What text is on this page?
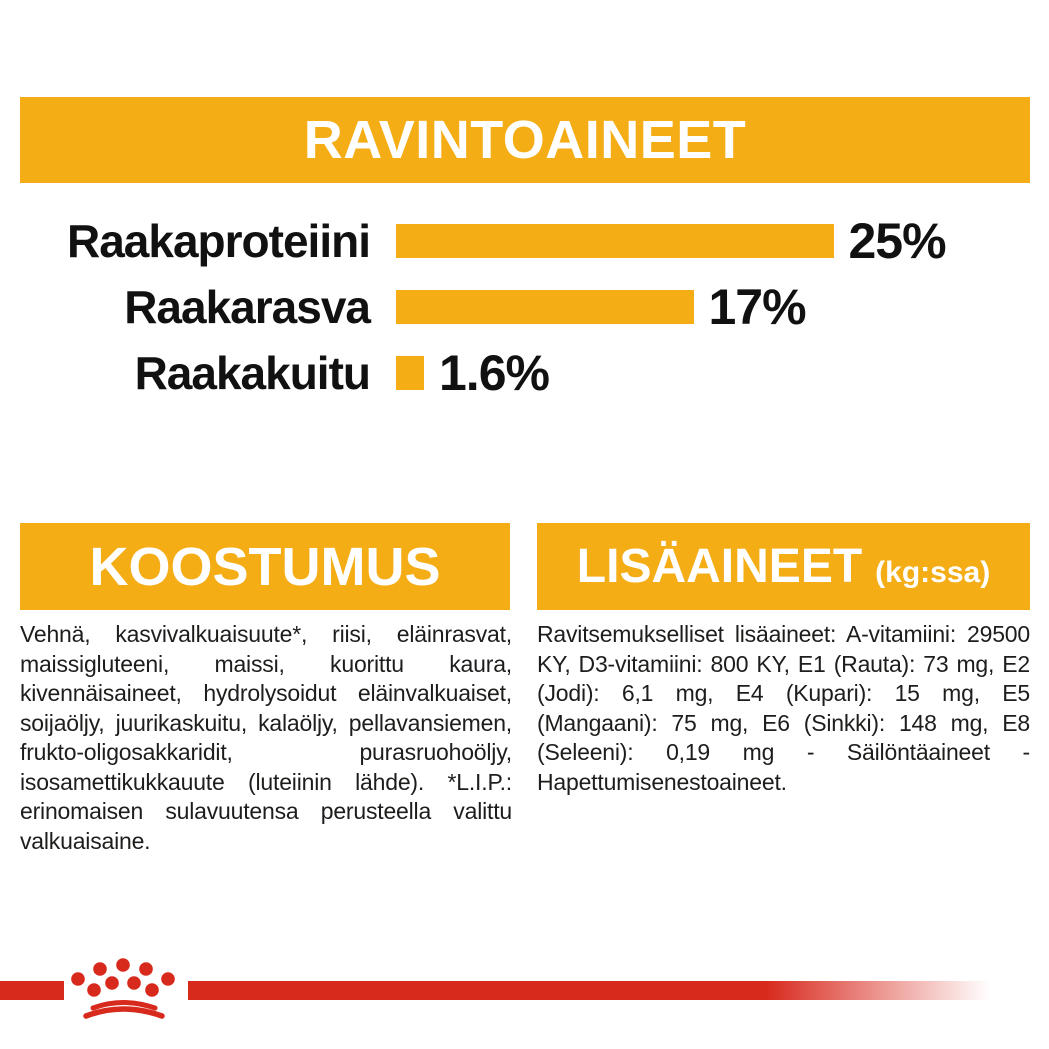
RAVINTOAINEET
Raakaproteiini	25%
Raakarasva	17%
Raakakuitu 1.6%
KOOSTUMUS

Vehnä, kasvivalkuaisuute*, riisi, eläinrasvat, maissigluteeni, maissi, kuorittu kaura, kivennäisaineet, hydrolysoidut eläinvalkuaiset, soijaöljy, juurikaskuitu, kalaöljy, pellavansiemen, frukto-oligosakkaridit, purasruohoöljy, isosamettikukkauute (luteiinin lähde). *L.I.P.: erinomaisen sulavuutensa perusteella valittu valkuaisaine.

LISÄAINEET (kg:ssa)

Ravitsemukselliset lisäaineet: A-vitamiini: 29500 KY, D3-vitamiini: 800 KY, E1 (Rauta): 73 mg, E2 (Jodi): 6,1 mg, E4 (Kupari): 15 mg, E5 (Mangaani): 75 mg, E6 (Sinkki): 148 mg, E8 (Seleeni): 0,19 mg - Säilöntäaineet - Hapettumisenestoaineet.
